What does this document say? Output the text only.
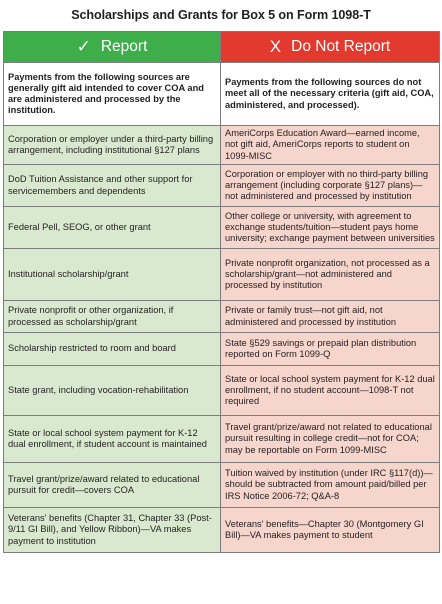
Scholarships and Grants for Box 5 on Form 1098-T
✓ Report	X Do Not Report
Payments from the following sources are generally gift aid intended to cover COA and are administered and processed by the institution.	Payments from the following sources do not meet all of the necessary criteria (gift aid, COA, administered, and processed).
Corporation or employer under a third-party billing arrangement, including institutional §127 plans	AmeriCorps Education Award—earned income, not gift aid, AmeriCorps reports to student on 1099-MISC
DoD Tuition Assistance and other support for servicemembers and dependents	Corporation or employer with no third-party billing arrangement (including corporate §127 plans)—not administered and processed by institution
Federal Pell, SEOG, or other grant	Other college or university, with agreement to exchange students/tuition—student pays home university; exchange payment between universities
Institutional scholarship/grant	Private nonprofit organization, not processed as a scholarship/grant—not administered and processed by institution
Private nonprofit or other organization, if processed as scholarship/grant	Private or family trust—not gift aid, not administered and processed by institution
Scholarship restricted to room and board	State §529 savings or prepaid plan distribution reported on Form 1099-Q
State grant, including vocation-rehabilitation	State or local school system payment for K-12 dual enrollment, if no student account—1098-T not required
State or local school system payment for K-12 dual enrollment, if student account is maintained	Travel grant/prize/award not related to educational pursuit resulting in college credit—not for COA; may be reportable on Form 1099-MISC
Travel grant/prize/award related to educational pursuit for credit—covers COA	Tuition waived by institution (under IRC §117(d))—should be subtracted from amount paid/billed per IRS Notice 2006-72; Q&A-8
Veterans' benefits (Chapter 31, Chapter 33 (Post-9/11 GI Bill), and Yellow Ribbon)—VA makes payment to institution	Veterans' benefits—Chapter 30 (Montgomery GI Bill)—VA makes payment to student
